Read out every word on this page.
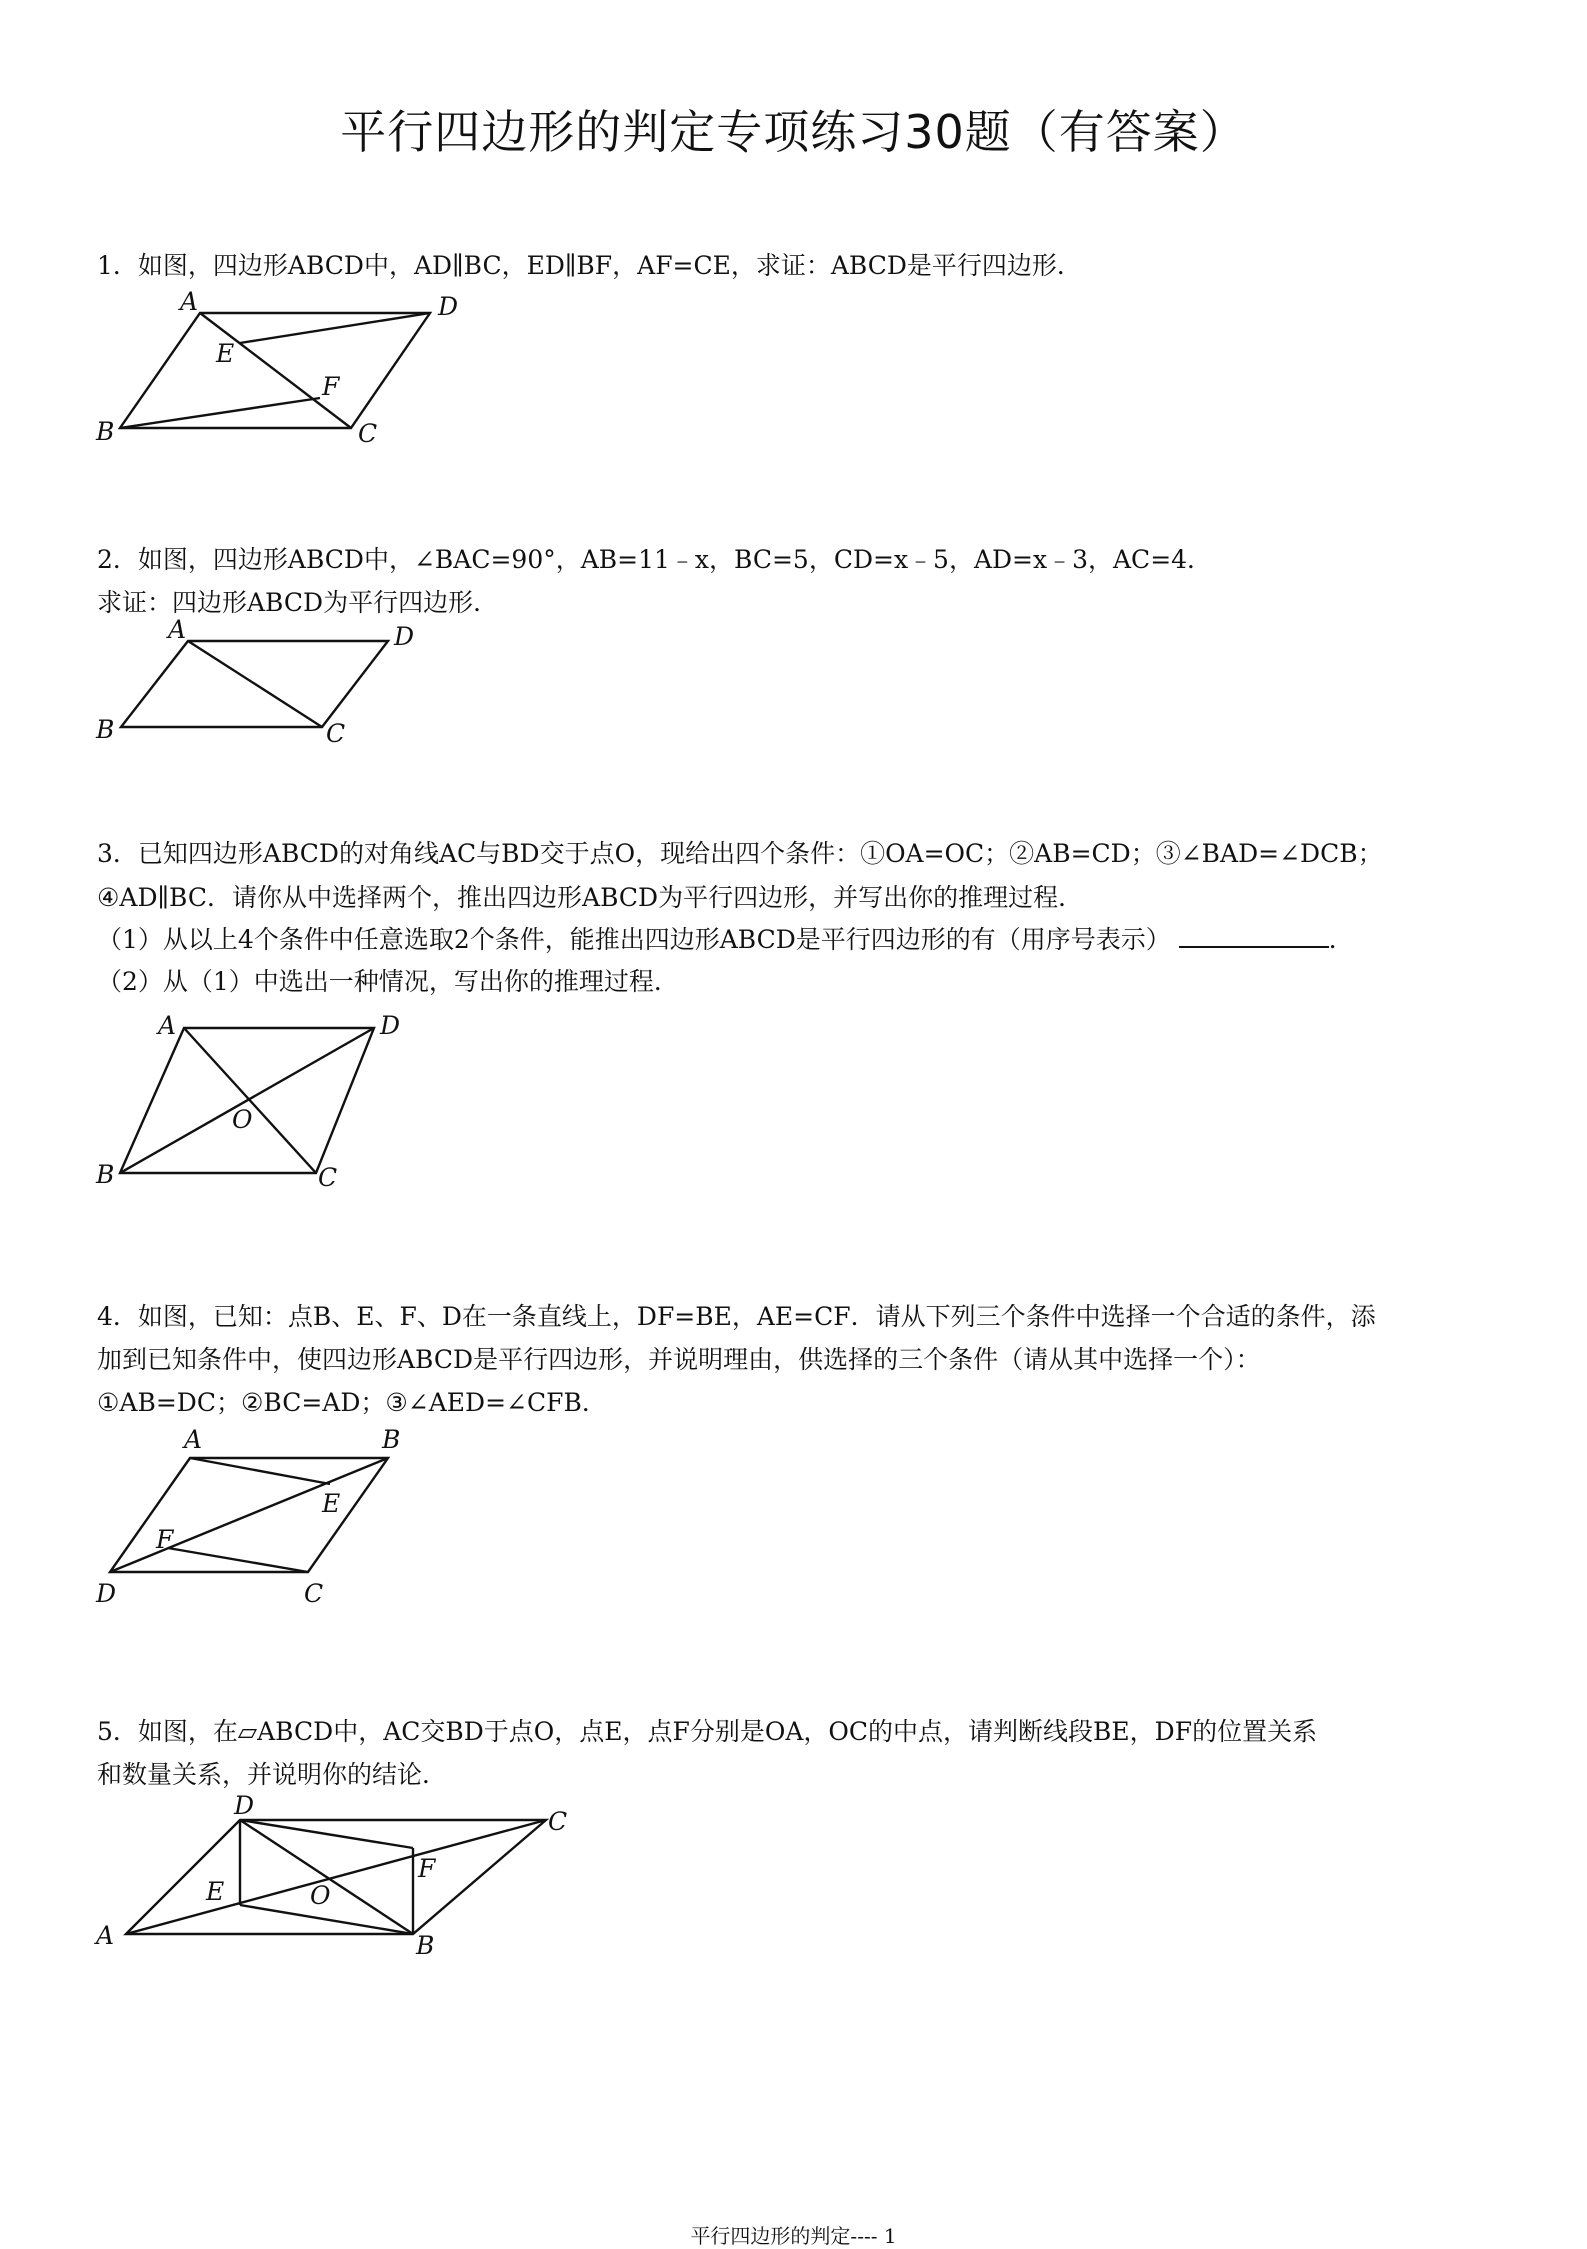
平行四边形的判定专项练习30题（有答案）
1．如图，四边形ABCD中，AD∥BC，ED∥BF，AF=CE，求证：ABCD是平行四边形．
A	D
E
F
B	C
2．如图，四边形ABCD中，∠BAC=90°，AB=11﹣x，BC=5，CD=x﹣5，AD=x﹣3，AC=4．
求证：四边形ABCD为平行四边形．
A	D
B	C
3．已知四边形ABCD的对角线AC与BD交于点O，现给出四个条件：①OA=OC；②AB=CD；③∠BAD=∠DCB；
④AD∥BC．请你从中选择两个，推出四边形ABCD为平行四边形，并写出你的推理过程．
（1）从以上4个条件中任意选取2个条件，能推出四边形ABCD是平行四边形的有（用序号表示）	．
（2）从（1）中选出一种情况，写出你的推理过程．
A	D
O
B	C
4．如图，已知：点B、E、F、D在一条直线上，DF=BE，AE=CF．请从下列三个条件中选择一个合适的条件，添
加到已知条件中，使四边形ABCD是平行四边形，并说明理由，供选择的三个条件（请从其中选择一个）：
①AB=DC；②BC=AD；③∠AED=∠CFB．
A	B
E
F
D	C
5．如图，在▱ABCD中，AC交BD于点O，点E，点F分别是OA，OC的中点，请判断线段BE，DF的位置关系
和数量关系，并说明你的结论．
D
C
E	O
F
A	B
平行四边形的判定---- 1
